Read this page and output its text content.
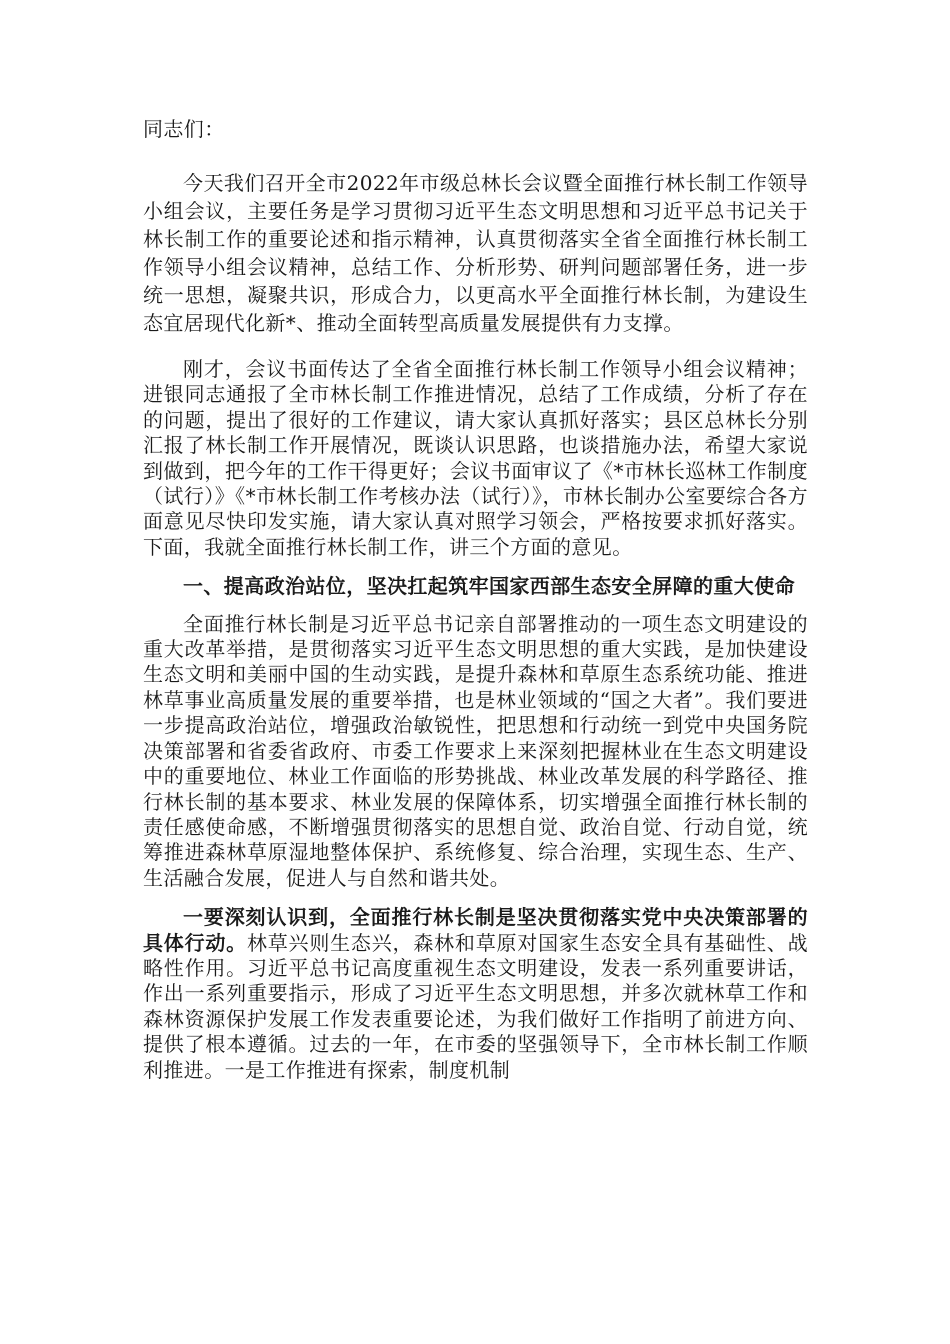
同志们：

今天我们召开全市2022年市级总林长会议暨全面推行林长制工作领导小组会议，主要任务是学习贯彻习近平生态文明思想和习近平总书记关于林长制工作的重要论述和指示精神，认真贯彻落实全省全面推行林长制工作领导小组会议精神，总结工作、分析形势、研判问题部署任务，进一步统一思想，凝聚共识，形成合力，以更高水平全面推行林长制，为建设生态宜居现代化新*、推动全面转型高质量发展提供有力支撑。

刚才，会议书面传达了全省全面推行林长制工作领导小组会议精神；进银同志通报了全市林长制工作推进情况，总结了工作成绩，分析了存在的问题，提出了很好的工作建议，请大家认真抓好落实；县区总林长分别汇报了林长制工作开展情况，既谈认识思路，也谈措施办法，希望大家说到做到，把今年的工作干得更好；会议书面审议了《*市林长巡林工作制度（试行）》《*市林长制工作考核办法（试行）》，市林长制办公室要综合各方面意见尽快印发实施，请大家认真对照学习领会，严格按要求抓好落实。下面，我就全面推行林长制工作，讲三个方面的意见。

一、提高政治站位，坚决扛起筑牢国家西部生态安全屏障的重大使命

全面推行林长制是习近平总书记亲自部署推动的一项生态文明建设的重大改革举措，是贯彻落实习近平生态文明思想的重大实践，是加快建设生态文明和美丽中国的生动实践，是提升森林和草原生态系统功能、推进林草事业高质量发展的重要举措，也是林业领域的“国之大者”。我们要进一步提高政治站位，增强政治敏锐性，把思想和行动统一到党中央国务院决策部署和省委省政府、市委工作要求上来深刻把握林业在生态文明建设中的重要地位、林业工作面临的形势挑战、林业改革发展的科学路径、推行林长制的基本要求、林业发展的保障体系，切实增强全面推行林长制的责任感使命感，不断增强贯彻落实的思想自觉、政治自觉、行动自觉，统筹推进森林草原湿地整体保护、系统修复、综合治理，实现生态、生产、生活融合发展，促进人与自然和谐共处。

一要深刻认识到，全面推行林长制是坚决贯彻落实党中央决策部署的具体行动。林草兴则生态兴，森林和草原对国家生态安全具有基础性、战略性作用。习近平总书记高度重视生态文明建设，发表一系列重要讲话，作出一系列重要指示，形成了习近平生态文明思想，并多次就林草工作和森林资源保护发展工作发表重要论述，为我们做好工作指明了前进方向、提供了根本遵循。过去的一年，在市委的坚强领导下，全市林长制工作顺利推进。一是工作推进有探索，制度机制
